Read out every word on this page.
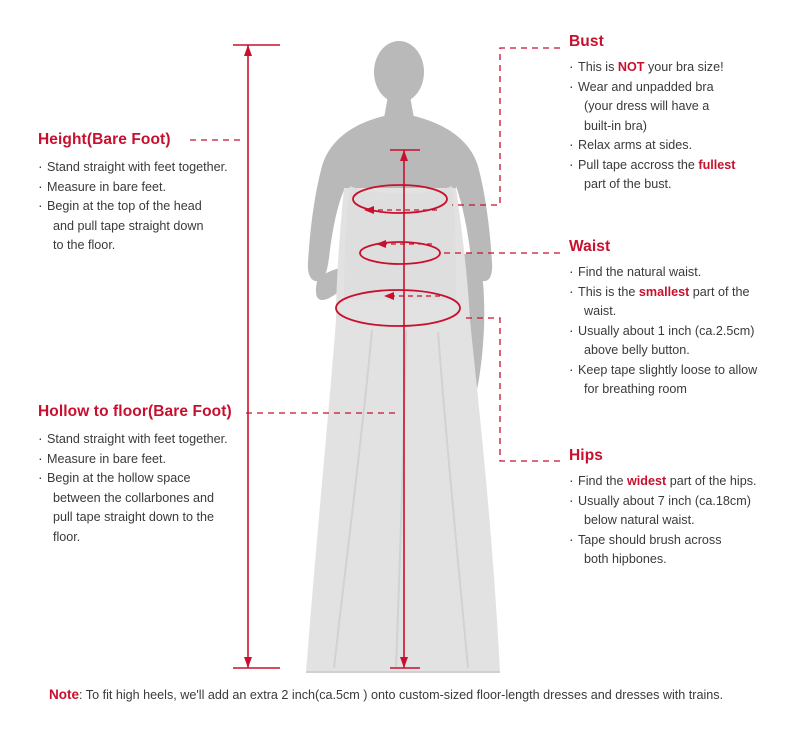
Height(Bare Foot)
· Stand straight with feet together.
· Measure in bare feet.
· Begin at the top of the head
and pull tape straight down
to the floor.
Hollow to floor(Bare Foot)
· Stand straight with feet together.
· Measure in bare feet.
· Begin at the hollow space
between the collarbones and
pull tape straight down to the
floor.
Bust
· This is NOT your bra size!
· Wear and unpadded bra
(your dress will have a
built-in bra)
· Relax arms at sides.
· Pull tape accross the fullest
part of the bust.
Waist
· Find the natural waist.
· This is the smallest part of the
waist.
· Usually about 1 inch (ca.2.5cm)
above belly button.
· Keep tape slightly loose to allow
for breathing room
Hips
· Find the widest part of the hips.
· Usually about 7 inch (ca.18cm)
below natural waist.
· Tape should brush across
both hipbones.
Note: To fit high heels, we'll add an extra 2 inch(ca.5cm ) onto custom-sized floor-length dresses and dresses with trains.
